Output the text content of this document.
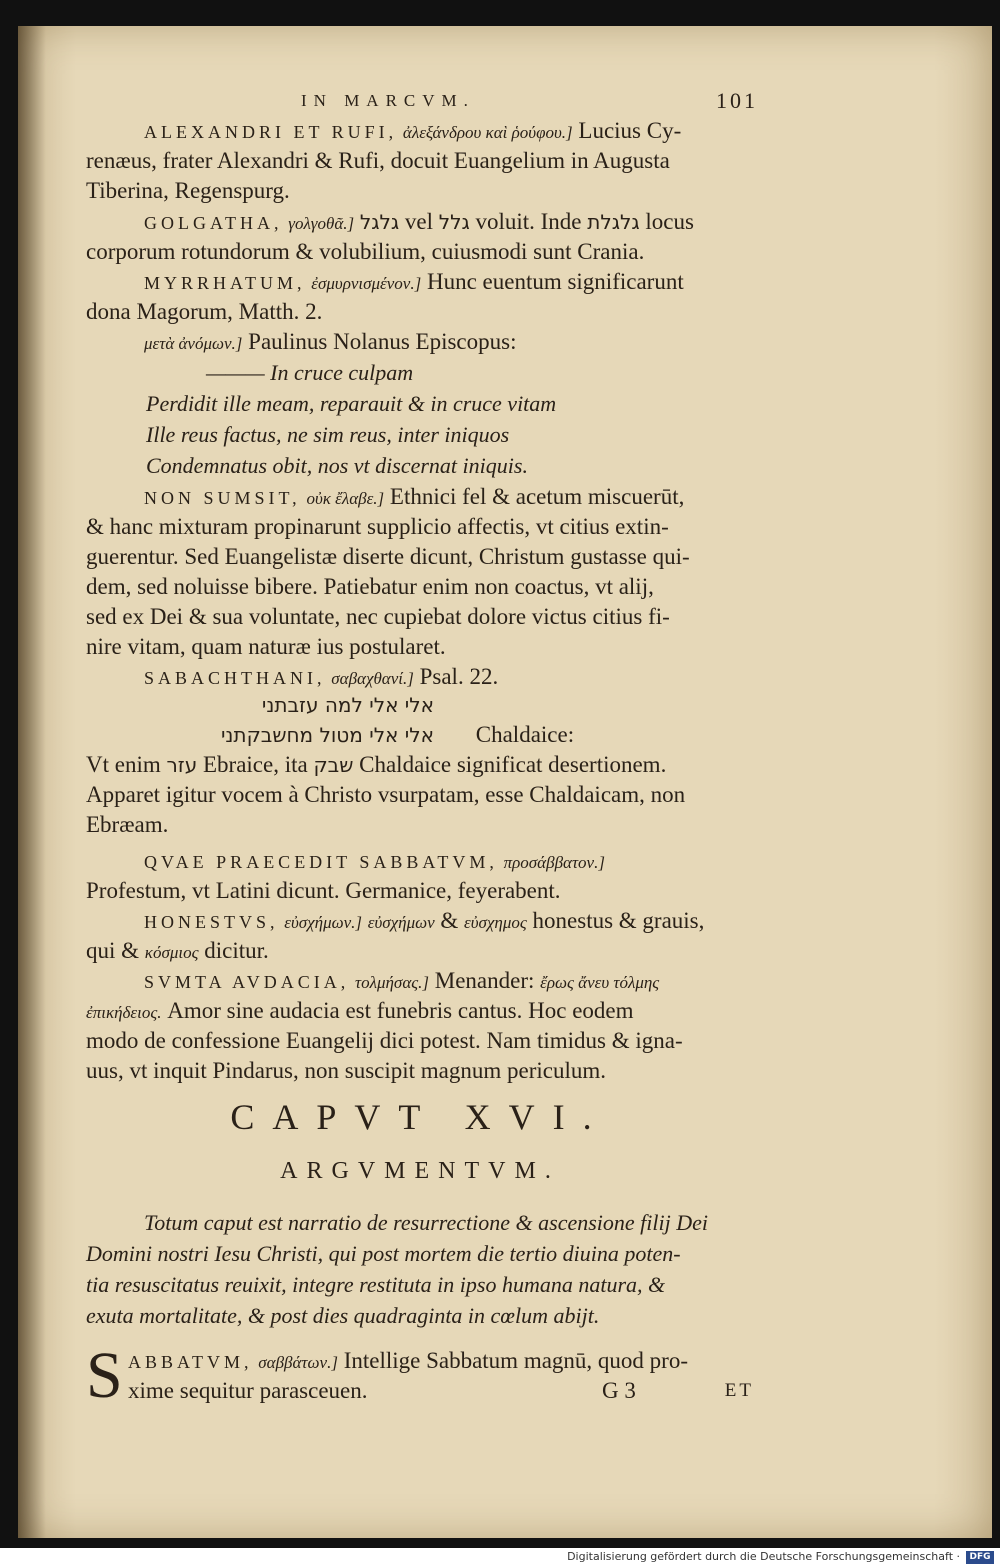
IN MARCVM.	101
ALEXANDRI ET RUFI, ἀλεξάνδρου καὶ ῥούφου.] Lucius Cy-
renæus, frater Alexandri & Rufi, docuit Euangelium in Augusta
Tiberina, Regenspurg.
GOLGATHA, γολγοθᾶ.] גלגל vel גלל voluit. Inde גלגלת locus
corporum rotundorum & volubilium, cuiusmodi sunt Crania.
MYRRHATUM, ἐσμυρνισμένον.] Hunc euentum significarunt
dona Magorum, Matth. 2.
μετὰ ἀνόμων.] Paulinus Nolanus Episcopus:
——— In cruce culpam
Perdidit ille meam, reparauit & in cruce vitam
Ille reus factus, ne sim reus, inter iniquos
Condemnatus obit, nos vt discernat iniquis.
NON SUMSIT, οὐκ ἔλαβε.] Ethnici fel & acetum miscuerūt,
& hanc mixturam propinarunt supplicio affectis, vt citius extin-
guerentur. Sed Euangelistæ diserte dicunt, Christum gustasse qui-
dem, sed noluisse bibere. Patiebatur enim non coactus, vt alij,
sed ex Dei & sua voluntate, nec cupiebat dolore victus citius fi-
nire vitam, quam naturæ ius postularet.
SABACHTHANI, σαβαχθανί.] Psal. 22.
אלי אלי למה עזבתני
אלי אלי מטול מחשבקתני Chaldaice:
Vt enim עזר Ebraice, ita שבק Chaldaice significat desertionem.
Apparet igitur vocem à Christo vsurpatam, esse Chaldaicam, non
Ebræam.
QVAE PRAECEDIT SABBATVM, προσάββατον.]
Profestum, vt Latini dicunt. Germanice, feyerabent.
HONESTVS, εὐσχήμων.] εὐσχήμων & εὐσχημος honestus & grauis,
qui & κόσμιος dicitur.
SVMTA AVDACIA, τολμήσας.] Menander: ἔρως ἄνευ τόλμης
ἐπικήδειος. Amor sine audacia est funebris cantus. Hoc eodem
modo de confessione Euangelij dici potest. Nam timidus & igna-
uus, vt inquit Pindarus, non suscipit magnum periculum.
CAPVT XVI.
ARGVMENTVM.
Totum caput est narratio de resurrectione & ascensione filij Dei
Domini nostri Iesu Christi, qui post mortem die tertio diuina poten-
tia resuscitatus reuixit, integre restituta in ipso humana natura, &
exuta mortalitate, & post dies quadraginta in cœlum abijt.
S ABBATVM, σαββάτων.] Intellige Sabbatum magnū, quod pro-
xime sequitur parasceuen.	G 3	ET
Digitalisierung gefördert durch die Deutsche Forschungsgemeinschaft ·	DFG
